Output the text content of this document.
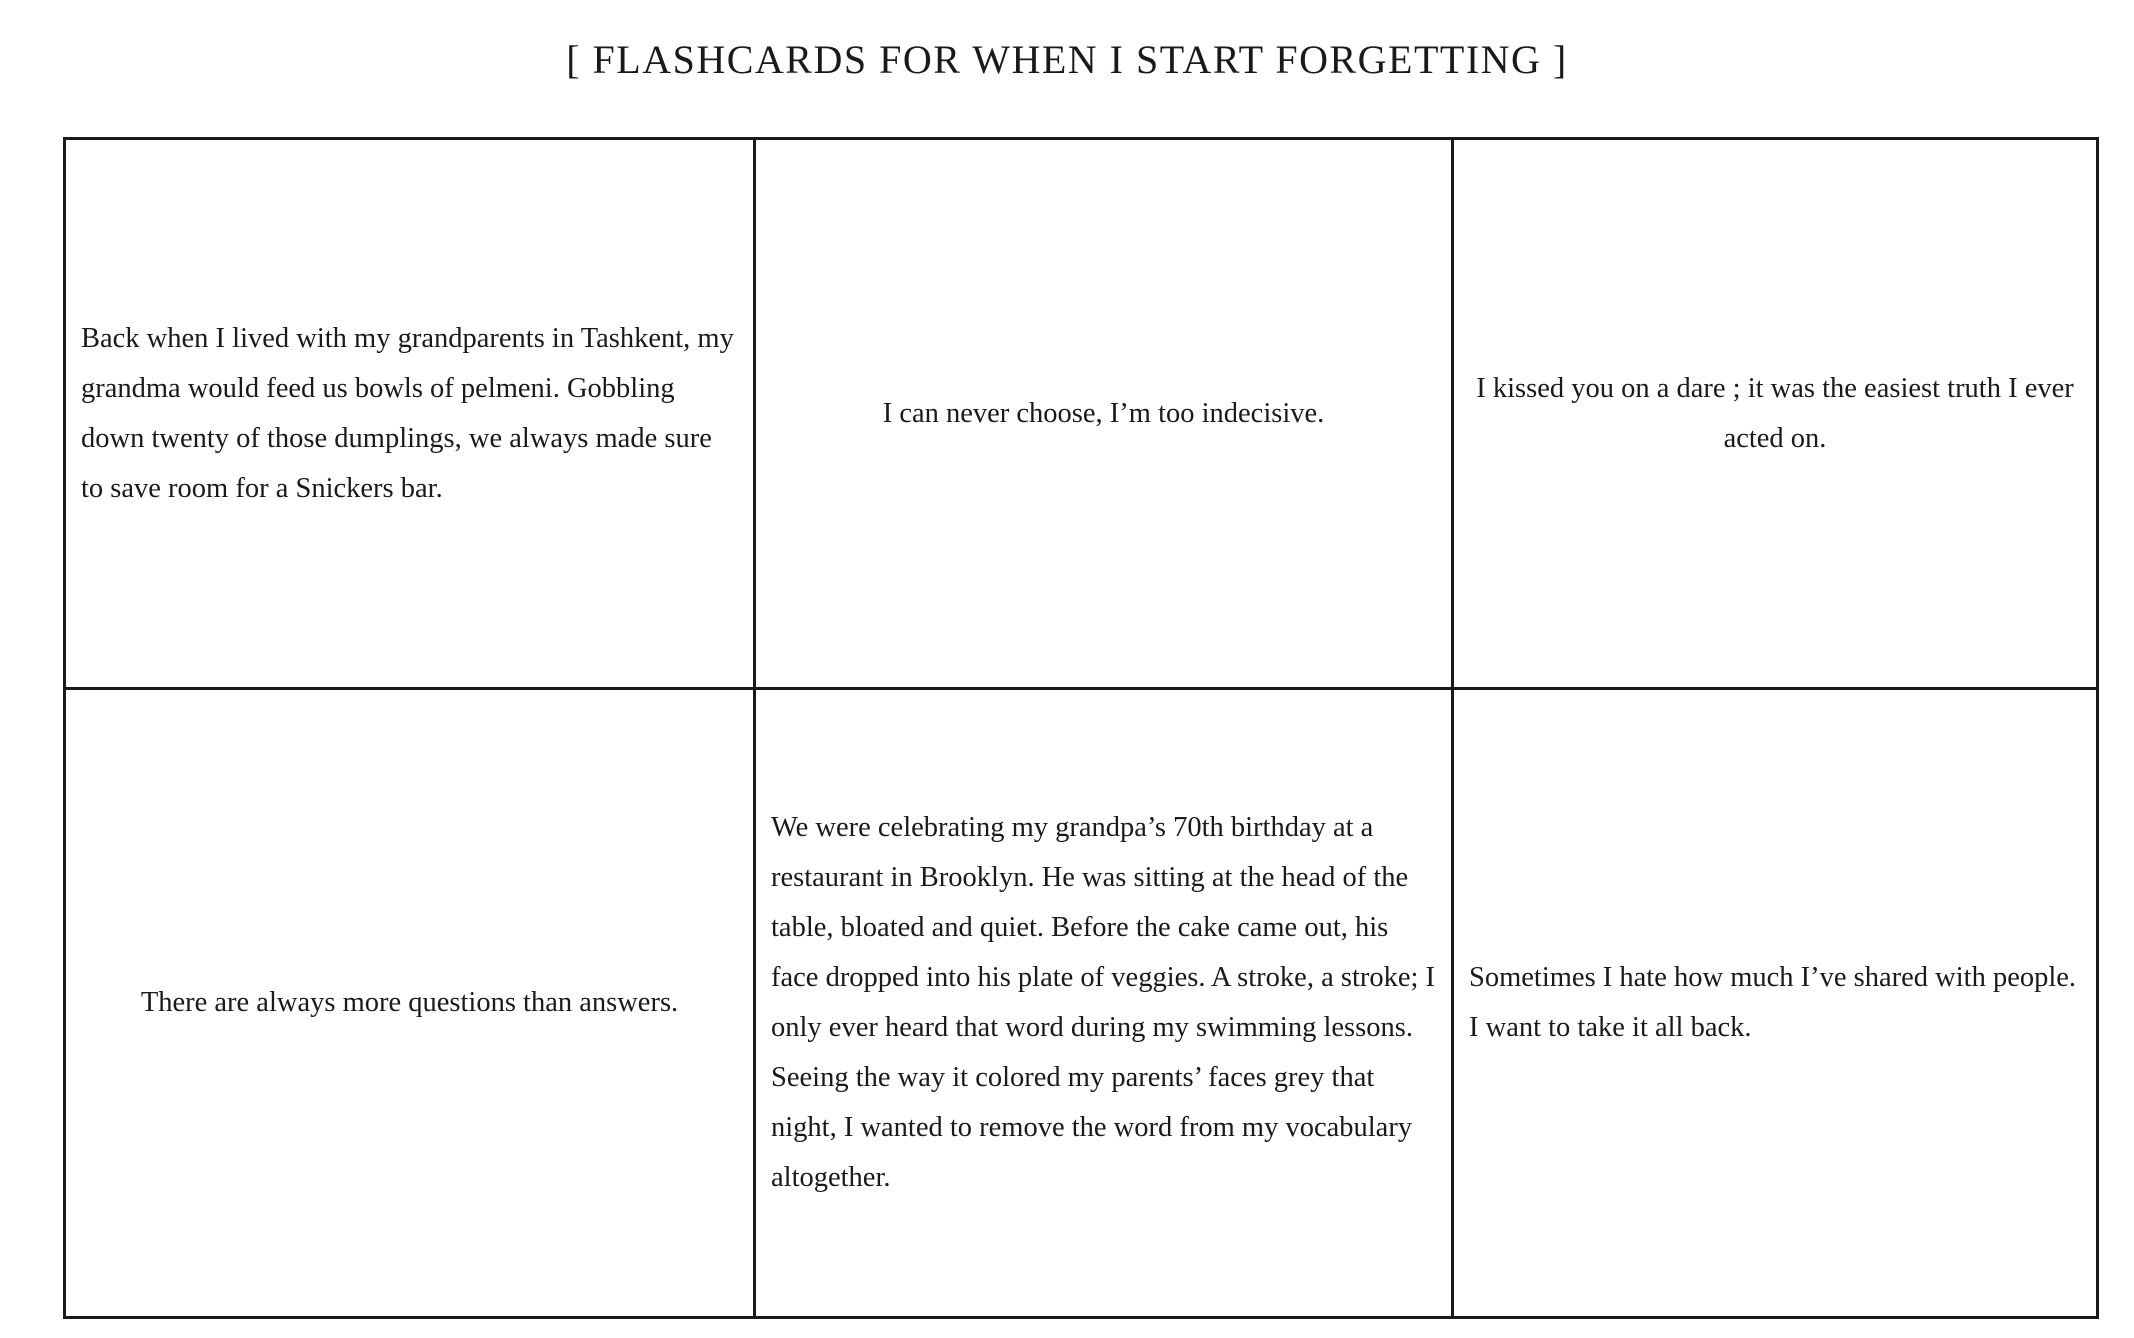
[ FLASHCARDS FOR WHEN I START FORGETTING ]
Back when I lived with my grandparents in Tashkent, my grandma would feed us bowls of pelmeni. Gobbling down twenty of those dumplings, we always made sure to save room for a Snickers bar.
I can never choose, I’m too indecisive.
I kissed you on a dare ; it was the easiest truth I ever acted on.
There are always more questions than answers.
We were celebrating my grandpa’s 70th birthday at a restaurant in Brooklyn. He was sitting at the head of the table, bloated and quiet. Before the cake came out, his face dropped into his plate of veggies. A stroke, a stroke; I only ever heard that word during my swimming lessons. Seeing the way it colored my parents’ faces grey that night, I wanted to remove the word from my vocabulary altogether.
Sometimes I hate how much I’ve shared with people. I want to take it all back.
